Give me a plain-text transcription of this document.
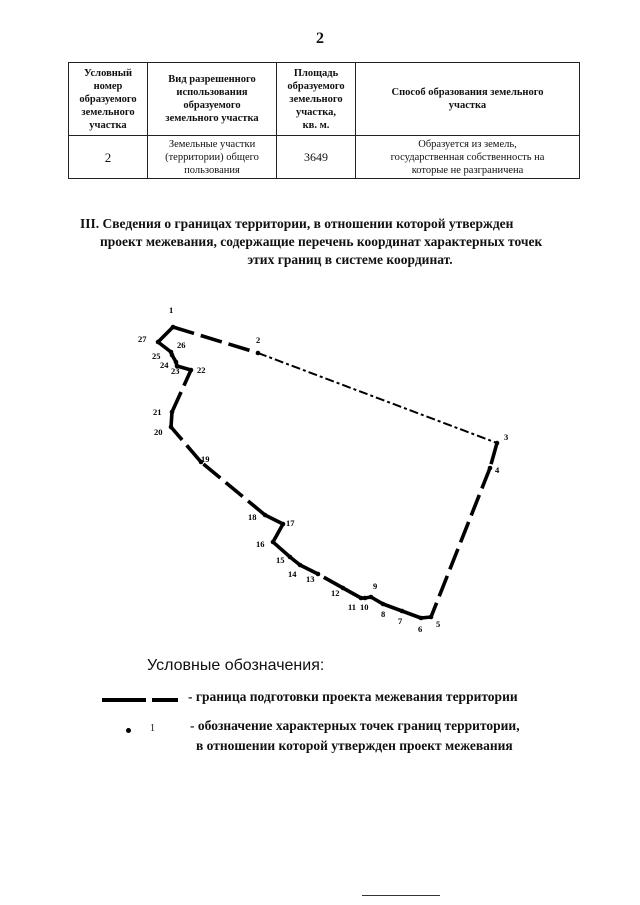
2
Условный
номер
образуемого
земельного
участка	Вид разрешенного
использования
образуемого
земельного участка	Площадь
образуемого
земельного
участка,
кв. м.	Способ образования земельного
участка

2	Земельные участки
(территории) общего
пользования	3649	Образуется из земель,
государственная собственность на
которые не разграничена
III. Сведения о границах территории, в отношении которой утвержден
проект межевания, содержащие перечень координат характерных точек
этих границ в системе координат.
1
2
3
4
5
6
7
8
9
10
11
12
13
14
15
16
17
18
19
20
21
22
23
24
25
26
27
Условные обозначения:
- граница подготовки проекта межевания территории
1	- обозначение характерных точек границ территории,
в отношении которой утвержден проект межевания
